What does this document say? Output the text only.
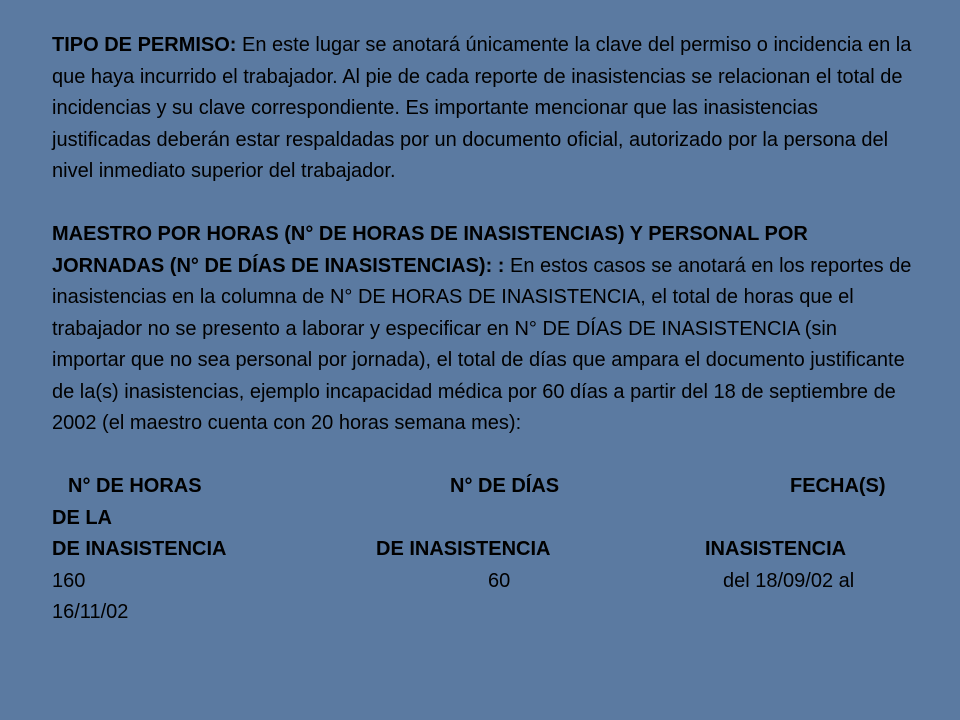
TIPO DE PERMISO: En este lugar se anotará únicamente la clave del permiso o incidencia en la que haya incurrido el trabajador. Al pie de cada reporte de inasistencias se relacionan el total de incidencias y su clave correspondiente. Es importante mencionar que las inasistencias justificadas deberán estar respaldadas por un documento oficial, autorizado por la persona del nivel inmediato superior del trabajador.

MAESTRO POR HORAS (N° DE HORAS DE INASISTENCIAS) Y PERSONAL POR JORNADAS (N° DE DÍAS DE INASISTENCIAS): : En estos casos se anotará en los reportes de inasistencias en la columna de N° DE HORAS DE INASISTENCIA, el total de horas que el trabajador no se presento a laborar y especificar en N° DE DÍAS DE INASISTENCIA (sin importar que no sea personal por jornada), el total de días que ampara el documento justificante de la(s) inasistencias, ejemplo incapacidad médica por 60 días a partir del 18 de septiembre de 2002 (el maestro cuenta con 20 horas semana mes):

N° DE HORAS	N° DE DÍAS	FECHA(S)
DE LA
DE INASISTENCIA	DE INASISTENCIA	INASISTENCIA
160	60	del 18/09/02 al
16/11/02
